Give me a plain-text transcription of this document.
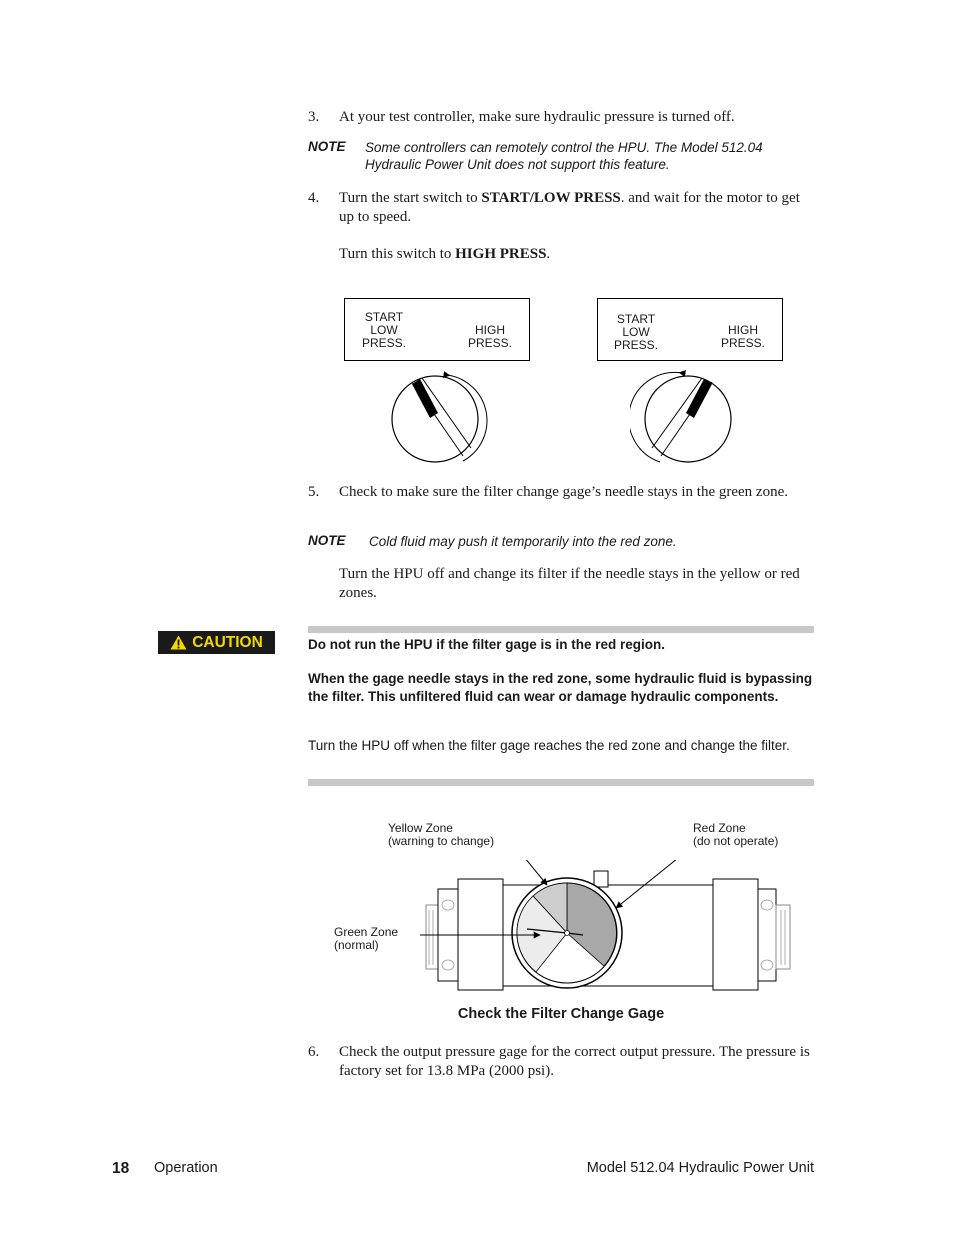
3. At your test controller, make sure hydraulic pressure is turned off.
NOTE Some controllers can remotely control the HPU. The Model 512.04
Hydraulic Power Unit does not support this feature.
4. Turn the start switch to START/LOW PRESS. and wait for the motor to get up to speed.
Turn this switch to HIGH PRESS.
START
LOW
PRESS.
HIGH
PRESS.
START
LOW
PRESS.
HIGH
PRESS.
5. Check to make sure the filter change gage’s needle stays in the green zone.
NOTE Cold fluid may push it temporarily into the red zone.
Turn the HPU off and change its filter if the needle stays in the yellow or red zones.
CAUTION	Do not run the HPU if the filter gage is in the red region.
When the gage needle stays in the red zone, some hydraulic fluid is bypassing the filter. This unfiltered fluid can wear or damage hydraulic components.
Turn the HPU off when the filter gage reaches the red zone and change the filter.
Yellow Zone
(warning to change)
Red Zone
(do not operate)
Green Zone
(normal)
Check the Filter Change Gage
6. Check the output pressure gage for the correct output pressure. The pressure is factory set for 13.8 MPa (2000 psi).
18 Operation	Model 512.04 Hydraulic Power Unit
